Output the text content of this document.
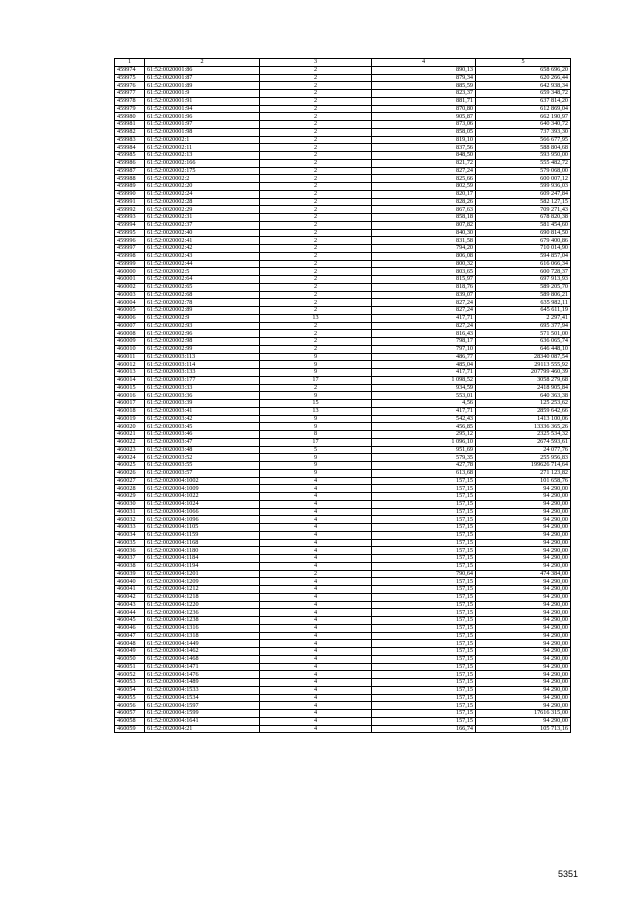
1	2	3	4	5
459974	61:52:0020001:86	2	890,13	658 696,20
459975	61:52:0020001:87	2	879,34	620 266,44
459976	61:52:0020001:89	2	885,59	642 938,34
459977	61:52:0020001:9	2	823,37	659 348,72
459978	61:52:0020001:91	2	881,71	637 814,20
459979	61:52:0020001:94	2	870,80	612 869,04
459980	61:52:0020001:96	2	905,87	662 190,97
459981	61:52:0020001:97	2	873,06	640 340,72
459982	61:52:0020001:98	2	858,05	737 393,30
459983	61:52:0020002:1	2	819,10	566 677,95
459984	61:52:0020002:11	2	837,56	588 804,68
459985	61:52:0020002:13	2	848,50	593 950,00
459986	61:52:0020002:166	2	821,72	555 482,72
459987	61:52:0020002:175	2	827,24	579 068,00
459988	61:52:0020002:2	2	825,66	600 007,12
459989	61:52:0020002:20	2	802,59	599 936,03
459990	61:52:0020002:24	2	820,17	609 247,84
459991	61:52:0020002:28	2	828,26	582 127,15
459992	61:52:0020002:29	2	867,63	709 271,43
459993	61:52:0020002:31	2	858,18	678 820,38
459994	61:52:0020002:37	2	807,82	581 454,60
459995	61:52:0020002:40	2	840,30	690 814,50
459996	61:52:0020002:41	2	831,58	679 400,86
459997	61:52:0020002:42	2	794,20	710 014,90
459998	61:52:0020002:43	2	806,08	594 857,04
459999	61:52:0020002:44	2	800,32	616 066,34
460000	61:52:0020002:5	2	803,65	600 728,37
460001	61:52:0020002:64	2	815,97	697 913,93
460002	61:52:0020002:65	2	818,76	589 205,70
460003	61:52:0020002:68	2	839,07	589 806,21
460004	61:52:0020002:78	2	827,24	635 982,11
460005	61:52:0020002:89	2	827,24	645 611,19
460006	61:52:0020002:9	13	417,71	2 297,41
460007	61:52:0020002:93	2	827,24	695 377,94
460008	61:52:0020002:96	2	816,43	571 501,00
460009	61:52:0020002:98	2	798,17	636 065,74
460010	61:52:0020002:99	2	797,10	646 448,10
460011	61:52:0020003:113	9	486,77	28340 087,54
460012	61:52:0020003:114	9	485,04	29113 555,92
460013	61:52:0020003:133	9	417,71	207799 460,39
460014	61:52:0020003:177	17	1 098,52	3058 279,68
460015	61:52:0020003:33	2	934,59	2418 905,84
460016	61:52:0020003:36	9	553,01	640 363,38
460017	61:52:0020003:39	15	4,56	125 253,62
460018	61:52:0020003:41	13	417,71	2859 642,66
460019	61:52:0020003:42	9	542,43	1413 100,06
460020	61:52:0020003:45	9	456,85	13336 365,26
460021	61:52:0020003:46	8	295,12	2325 534,32
460022	61:52:0020003:47	17	1 096,10	2674 593,61
460023	61:52:0020003:48	5	951,69	24 077,76
460024	61:52:0020003:52	9	579,35	255 956,83
460025	61:52:0020003:55	9	427,78	199626 714,64
460026	61:52:0020003:57	9	613,68	271 123,82
460027	61:52:0020004:1002	4	157,15	101 658,76
460028	61:52:0020004:1009	4	157,15	94 290,00
460029	61:52:0020004:1022	4	157,15	94 290,00
460030	61:52:0020004:1024	4	157,15	94 290,00
460031	61:52:0020004:1066	4	157,15	94 290,00
460032	61:52:0020004:1096	4	157,15	94 290,00
460033	61:52:0020004:1105	4	157,15	94 290,00
460034	61:52:0020004:1159	4	157,15	94 290,00
460035	61:52:0020004:1168	4	157,15	94 290,00
460036	61:52:0020004:1180	4	157,15	94 290,00
460037	61:52:0020004:1184	4	157,15	94 290,00
460038	61:52:0020004:1194	4	157,15	94 290,00
460039	61:52:0020004:1201	2	790,64	474 384,00
460040	61:52:0020004:1209	4	157,15	94 290,00
460041	61:52:0020004:1212	4	157,15	94 290,00
460042	61:52:0020004:1218	4	157,15	94 290,00
460043	61:52:0020004:1220	4	157,15	94 290,00
460044	61:52:0020004:1236	4	157,15	94 290,00
460045	61:52:0020004:1238	4	157,15	94 290,00
460046	61:52:0020004:1316	4	157,15	94 290,00
460047	61:52:0020004:1318	4	157,15	94 290,00
460048	61:52:0020004:1449	4	157,15	94 290,00
460049	61:52:0020004:1462	4	157,15	94 290,00
460050	61:52:0020004:1468	4	157,15	94 290,00
460051	61:52:0020004:1471	4	157,15	94 290,00
460052	61:52:0020004:1476	4	157,15	94 290,00
460053	61:52:0020004:1489	4	157,15	94 290,00
460054	61:52:0020004:1533	4	157,15	94 290,00
460055	61:52:0020004:1534	4	157,15	94 290,00
460056	61:52:0020004:1597	4	157,15	94 290,00
460057	61:52:0020004:1599	4	157,15	17616 315,00
460058	61:52:0020004:1641	4	157,15	94 290,00
460059	61:52:0020004:21	4	166,74	105 713,16
5351
